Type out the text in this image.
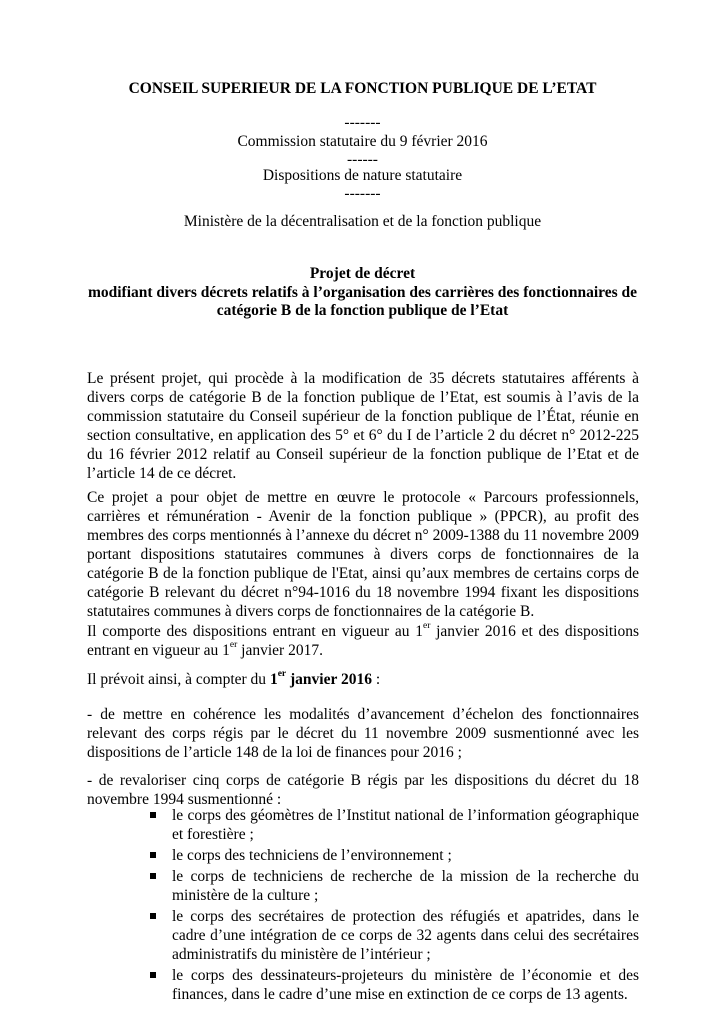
CONSEIL SUPERIEUR DE LA FONCTION PUBLIQUE DE L’ETAT
-------
Commission statutaire du 9 février 2016
------
Dispositions de nature statutaire
-------
Ministère de la décentralisation et de la fonction publique
Projet de décret
modifiant divers décrets relatifs à l’organisation des carrières des fonctionnaires de
catégorie B de la fonction publique de l’Etat

Le présent projet, qui procède à la modification de 35 décrets statutaires afférents à divers corps de catégorie B de la fonction publique de l’Etat, est soumis à l’avis de la commission statutaire du Conseil supérieur de la fonction publique de l’État, réunie en section consultative, en application des 5° et 6° du I de l’article 2 du décret n° 2012-225 du 16 février 2012 relatif au Conseil supérieur de la fonction publique de l’Etat et de l’article 14 de ce décret.

Ce projet a pour objet de mettre en œuvre le protocole « Parcours professionnels, carrières et rémunération - Avenir de la fonction publique » (PPCR), au profit des membres des corps mentionnés à l’annexe du décret n° 2009-1388 du 11 novembre 2009 portant dispositions statutaires communes à divers corps de fonctionnaires de la catégorie B de la fonction publique de l'Etat, ainsi qu’aux membres de certains corps de catégorie B relevant du décret n°94-1016 du 18 novembre 1994 fixant les dispositions statutaires communes à divers corps de fonctionnaires de la catégorie B.

Il comporte des dispositions entrant en vigueur au 1er janvier 2016 et des dispositions entrant en vigueur au 1er janvier 2017.

Il prévoit ainsi, à compter du 1er janvier 2016 :

- de mettre en cohérence les modalités d’avancement d’échelon des fonctionnaires relevant des corps régis par le décret du 11 novembre 2009 susmentionné avec les dispositions de l’article 148 de la loi de finances pour 2016 ;

- de revaloriser cinq corps de catégorie B régis par les dispositions du décret du 18 novembre 1994 susmentionné :

le corps des géomètres de l’Institut national de l’information géographique et forestière ;
le corps des techniciens de l’environnement ;
le corps de techniciens de recherche de la mission de la recherche du ministère de la culture ;
le corps des secrétaires de protection des réfugiés et apatrides, dans le cadre d’une intégration de ce corps de 32 agents dans celui des secrétaires administratifs du ministère de l’intérieur ;
le corps des dessinateurs-projeteurs du ministère de l’économie et des finances, dans le cadre d’une mise en extinction de ce corps de 13 agents.
